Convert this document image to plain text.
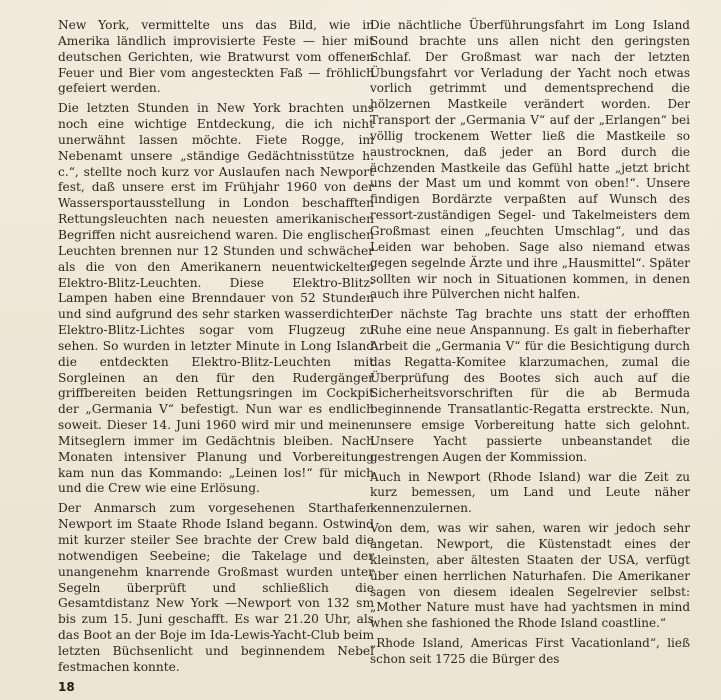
New York, vermittelte uns das Bild, wie in Amerika ländlich improvisierte Feste — hier mit deutschen Gerichten, wie Bratwurst vom offenen Feuer und Bier vom angesteckten Faß — fröhlich gefeiert werden.

Die letzten Stunden in New York brachten uns noch eine wichtige Entdeckung, die ich nicht unerwähnt lassen möchte. Fiete Rogge, im Nebenamt unsere „ständige Gedächtnisstütze h. c.“, stellte noch kurz vor Auslaufen nach Newport fest, daß unsere erst im Frühjahr 1960 von der Wassersportausstellung in London beschafften Rettungsleuchten nach neuesten amerikanischen Begriffen nicht ausreichend waren. Die englischen Leuchten brennen nur 12 Stunden und schwächer als die von den Amerikanern neuentwickelten Elektro-Blitz-Leuchten. Diese Elektro-Blitz-Lampen haben eine Brenndauer von 52 Stunden und sind aufgrund des sehr starken wasserdichten Elektro-Blitz-Lichtes sogar vom Flugzeug zu sehen. So wurden in letzter Minute in Long Island die entdeckten Elektro-Blitz-Leuchten mit Sorgleinen an den für den Rudergänger griffbereiten beiden Rettungsringen im Cockpit der „Germania V“ befestigt. Nun war es endlich soweit. Dieser 14. Juni 1960 wird mir und meinen Mitseglern immer im Gedächtnis bleiben. Nach Monaten intensiver Planung und Vorbereitung kam nun das Kommando: „Leinen los!“ für mich und die Crew wie eine Erlösung.

Der Anmarsch zum vorgesehenen Starthafen Newport im Staate Rhode Island begann. Ostwind mit kurzer steiler See brachte der Crew bald die notwendigen Seebeine; die Takelage und der unangenehm knarrende Großmast wurden unter Segeln überprüft und schließlich die Gesamtdistanz New York —Newport von 132 sm bis zum 15. Juni geschafft. Es war 21.20 Uhr, als das Boot an der Boje im Ida-Lewis-Yacht-Club beim letzten Büchsenlicht und beginnendem Nebel festmachen konnte.

Die nächtliche Überführungsfahrt im Long Island Sound brachte uns allen nicht den geringsten Schlaf. Der Großmast war nach der letzten Übungsfahrt vor Verladung der Yacht noch etwas vorlich getrimmt und dementsprechend die hölzernen Mastkeile verändert worden. Der Transport der „Germania V“ auf der „Erlangen“ bei völlig trockenem Wetter ließ die Mastkeile so austrocknen, daß jeder an Bord durch die ächzenden Mastkeile das Gefühl hatte „jetzt bricht uns der Mast um und kommt von oben!“. Unsere findigen Bordärzte verpaßten auf Wunsch des ressort-zuständigen Segel- und Takelmeisters dem Großmast einen „feuchten Umschlag“, und das Leiden war behoben. Sage also niemand etwas gegen segelnde Ärzte und ihre „Hausmittel“. Später sollten wir noch in Situationen kommen, in denen auch ihre Pülverchen nicht halfen.

Der nächste Tag brachte uns statt der erhofften Ruhe eine neue Anspannung. Es galt in fieberhafter Arbeit die „Germania V“ für die Besichtigung durch das Regatta-Komitee klarzumachen, zumal die Überprüfung des Bootes sich auch auf die Sicherheitsvorschriften für die ab Bermuda beginnende Transatlantic-Regatta erstreckte. Nun, unsere emsige Vorbereitung hatte sich gelohnt. Unsere Yacht passierte unbeanstandet die gestrengen Augen der Kommission.

Auch in Newport (Rhode Island) war die Zeit zu kurz bemessen, um Land und Leute näher kennenzulernen.

Von dem, was wir sahen, waren wir jedoch sehr angetan. Newport, die Küstenstadt eines der kleinsten, aber ältesten Staaten der USA, verfügt über einen herrlichen Naturhafen. Die Amerikaner sagen von diesem idealen Segelrevier selbst: „Mother Nature must have had yachtsmen in mind when she fashioned the Rhode Island coastline.“

„Rhode Island, Americas First Vacationland“, ließ schon seit 1725 die Bürger des

18
